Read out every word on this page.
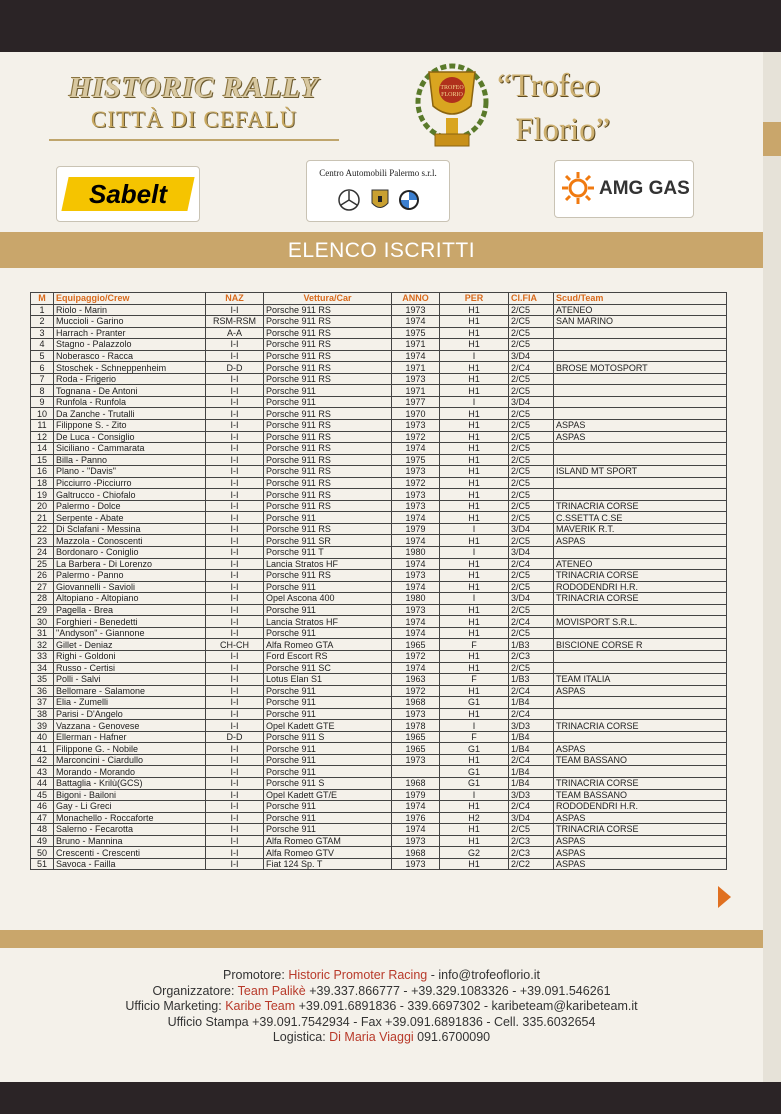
HISTORIC RALLY
CITTÀ DI CEFALÙ
TROFEO
FLORIO “Trofeo
Florio”
Sabelt
Centro Automobili Palermo s.r.l.
AMG GAS
ELENCO ISCRITTI
M	Equipaggio/Crew	NAZ	Vettura/Car	ANNO	PER	Cl.FIA	Scud/Team
1	Riolo - Marin	I-I	Porsche 911 RS	1973	H1	2/C5	ATENEO
2	Muccioli - Garino	RSM-RSM	Porsche 911 RS	1974	H1	2/C5	SAN MARINO
3	Harrach - Pranter	A-A	Porsche 911 RS	1975	H1	2/C5	
4	Stagno - Palazzolo	I-I	Porsche 911 RS	1971	H1	2/C5	
5	Noberasco - Racca	I-I	Porsche 911 RS	1974	I	3/D4	
6	Stoschek - Schneppenheim	D-D	Porsche 911 RS	1971	H1	2/C4	BROSE MOTOSPORT
7	Roda - Frigerio	I-I	Porsche 911 RS	1973	H1	2/C5	
8	Tognana - De Antoni	I-I	Porsche 911	1971	H1	2/C5	
9	Runfola - Runfola	I-I	Porsche 911	1977	I	3/D4	
10	Da Zanche - Trutalli	I-I	Porsche 911 RS	1970	H1	2/C5	
11	Filippone S. - Zito	I-I	Porsche 911 RS	1973	H1	2/C5	ASPAS
12	De Luca - Consiglio	I-I	Porsche 911 RS	1972	H1	2/C5	ASPAS
14	Siciliano - Cammarata	I-I	Porsche 911 RS	1974	H1	2/C5	
15	Billa - Panno	I-I	Porsche 911 RS	1975	H1	2/C5	
16	Plano - "Davis"	I-I	Porsche 911 RS	1973	H1	2/C5	ISLAND MT SPORT
18	Picciurro -Picciurro	I-I	Porsche 911 RS	1972	H1	2/C5	
19	Galtrucco - Chiofalo	I-I	Porsche 911 RS	1973	H1	2/C5	
20	Palermo - Dolce	I-I	Porsche 911 RS	1973	H1	2/C5	TRINACRIA CORSE
21	Serpente - Abate	I-I	Porsche 911	1974	H1	2/C5	C.SSETTA C.SE
22	Di Sclafani - Messina	I-I	Porsche 911 RS	1979	I	3/D4	MAVERIK R.T.
23	Mazzola - Conoscenti	I-I	Porsche 911 SR	1974	H1	2/C5	ASPAS
24	Bordonaro - Coniglio	I-I	Porsche 911 T	1980	I	3/D4	
25	La Barbera - Di Lorenzo	I-I	Lancia Stratos HF	1974	H1	2/C4	ATENEO
26	Palermo - Panno	I-I	Porsche 911 RS	1973	H1	2/C5	TRINACRIA CORSE
27	Giovannelli - Savioli	I-I	Porsche 911	1974	H1	2/C5	RODODENDRI H.R.
28	Altopiano - Altopiano	I-I	Opel Ascona 400	1980	I	3/D4	TRINACRIA CORSE
29	Pagella - Brea	I-I	Porsche 911	1973	H1	2/C5	
30	Forghieri - Benedetti	I-I	Lancia Stratos HF	1974	H1	2/C4	MOVISPORT S.R.L.
31	"Andyson" - Giannone	I-I	Porsche 911	1974	H1	2/C5	
32	Gillet - Deniaz	CH-CH	Alfa Romeo GTA	1965	F	1/B3	BISCIONE CORSE R
33	Righi - Goldoni	I-I	Ford Escort RS	1972	H1	2/C3	
34	Russo - Certisi	I-I	Porsche 911 SC	1974	H1	2/C5	
35	Polli - Salvi	I-I	Lotus Elan S1	1963	F	1/B3	TEAM ITALIA
36	Bellomare - Salamone	I-I	Porsche 911	1972	H1	2/C4	ASPAS
37	Elia - Zumelli	I-I	Porsche 911	1968	G1	1/B4	
38	Parisi - D'Angelo	I-I	Porsche 911	1973	H1	2/C4	
39	Vazzana - Genovese	I-I	Opel Kadett GTE	1978	I	3/D3	TRINACRIA CORSE
40	Ellerman - Hafner	D-D	Porsche 911 S	1965	F	1/B4	
41	Filippone G. - Nobile	I-I	Porsche 911	1965	G1	1/B4	ASPAS
42	Marconcini - Ciardullo	I-I	Porsche 911	1973	H1	2/C4	TEAM BASSANO
43	Morando - Morando	I-I	Porsche 911		G1	1/B4	
44	Battaglia - Krilù(GCS)	I-I	Porsche 911 S	1968	G1	1/B4	TRINACRIA CORSE
45	Bigoni - Bailoni	I-I	Opel Kadett GT/E	1979	I	3/D3	TEAM BASSANO
46	Gay - Li Greci	I-I	Porsche 911	1974	H1	2/C4	RODODENDRI H.R.
47	Monachello - Roccaforte	I-I	Porsche 911	1976	H2	3/D4	ASPAS
48	Salerno - Fecarotta	I-I	Porsche 911	1974	H1	2/C5	TRINACRIA CORSE
49	Bruno - Mannina	I-I	Alfa Romeo GTAM	1973	H1	2/C3	ASPAS
50	Crescenti - Crescenti	I-I	Alfa Romeo GTV	1968	G2	2/C3	ASPAS
51	Savoca - Failla	I-I	Fiat 124 Sp. T	1973	H1	2/C2	ASPAS
Promotore: Historic Promoter Racing - info@trofeoflorio.it
Organizzatore: Team Palikè +39.337.866777 - +39.329.1083326 - +39.091.546261
Ufficio Marketing: Karibe Team +39.091.6891836 - 339.6697302 - karibeteam@karibeteam.it
Ufficio Stampa +39.091.7542934 - Fax +39.091.6891836 - Cell. 335.6032654
Logistica: Di Maria Viaggi 091.6700090
